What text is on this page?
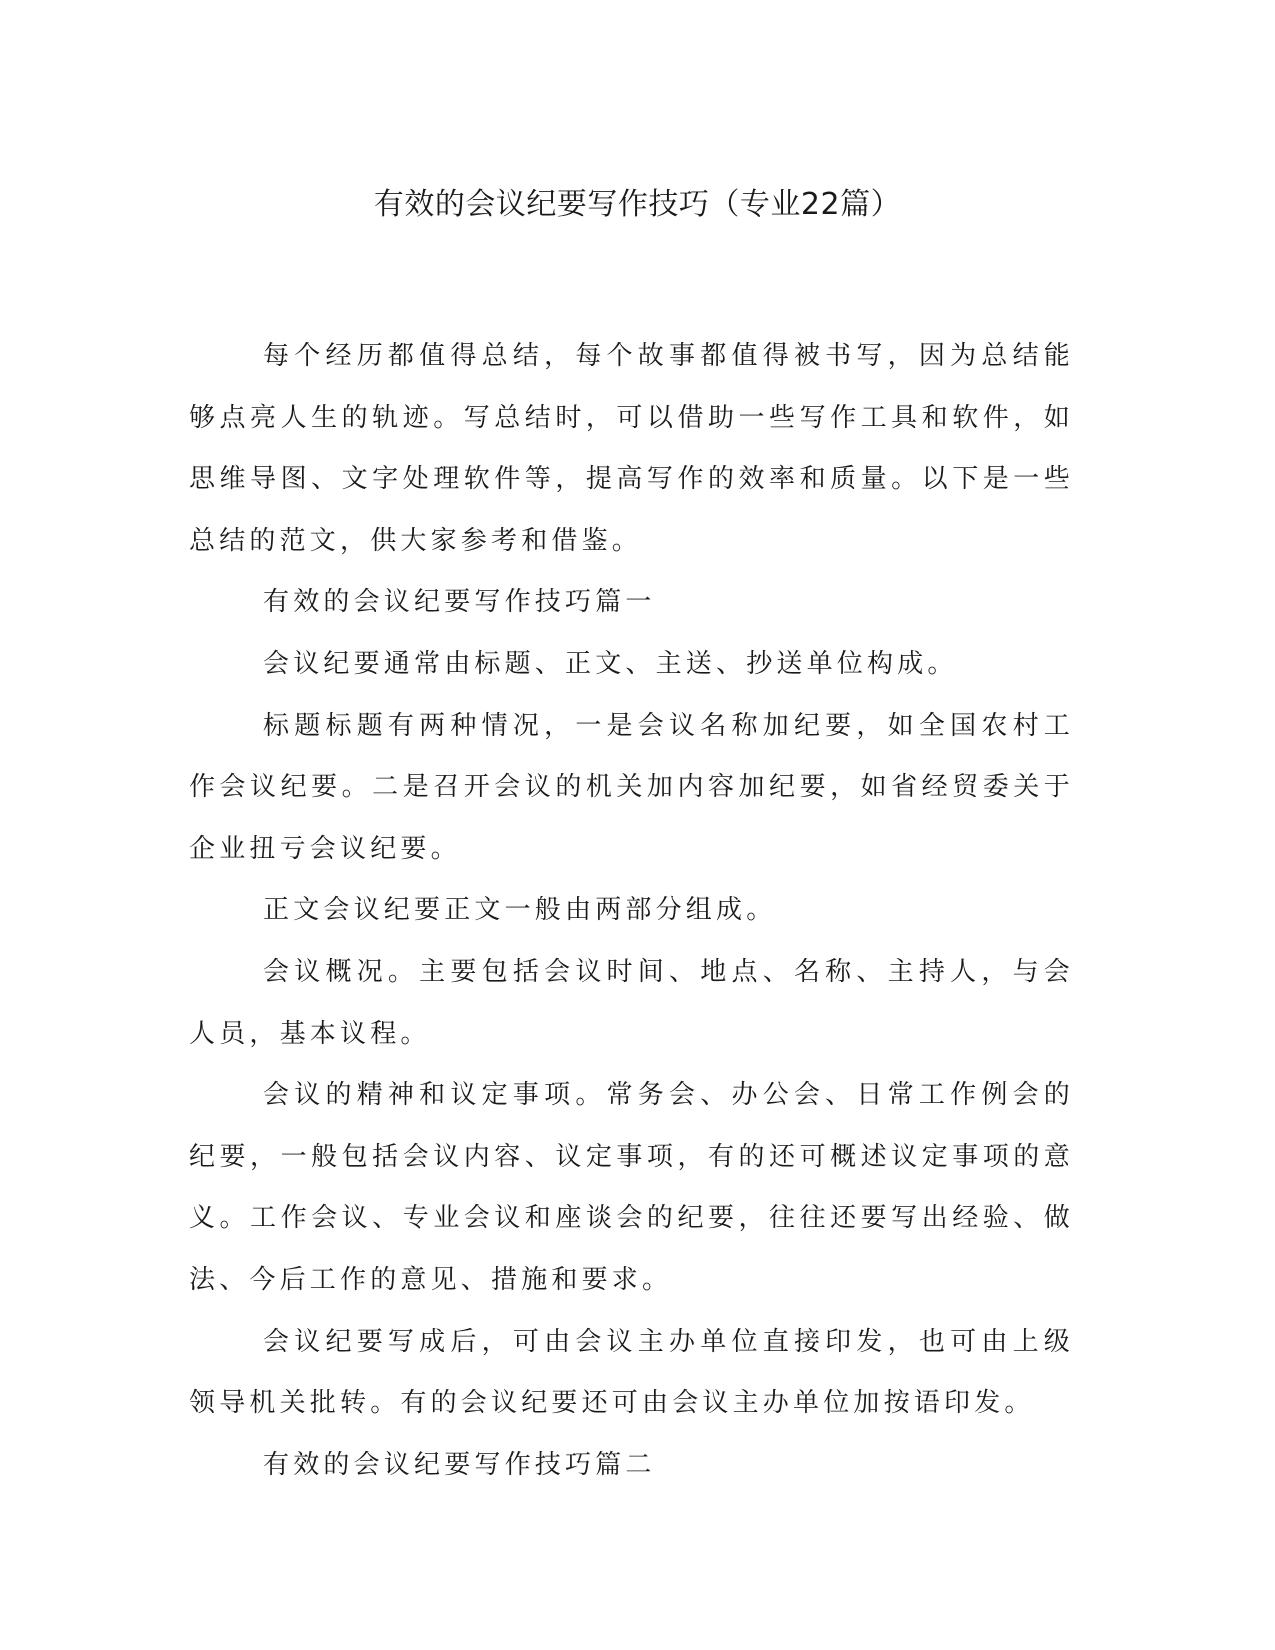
有效的会议纪要写作技巧（专业22篇）

每个经历都值得总结，每个故事都值得被书写，因为总结能够点亮人生的轨迹。写总结时，可以借助一些写作工具和软件，如思维导图、文字处理软件等，提高写作的效率和质量。以下是一些总结的范文，供大家参考和借鉴。

有效的会议纪要写作技巧篇一

会议纪要通常由标题、正文、主送、抄送单位构成。

标题标题有两种情况，一是会议名称加纪要，如全国农村工作会议纪要。二是召开会议的机关加内容加纪要，如省经贸委关于企业扭亏会议纪要。

正文会议纪要正文一般由两部分组成。

会议概况。主要包括会议时间、地点、名称、主持人，与会人员，基本议程。

会议的精神和议定事项。常务会、办公会、日常工作例会的纪要，一般包括会议内容、议定事项，有的还可概述议定事项的意义。工作会议、专业会议和座谈会的纪要，往往还要写出经验、做法、今后工作的意见、措施和要求。

会议纪要写成后，可由会议主办单位直接印发，也可由上级领导机关批转。有的会议纪要还可由会议主办单位加按语印发。

有效的会议纪要写作技巧篇二
